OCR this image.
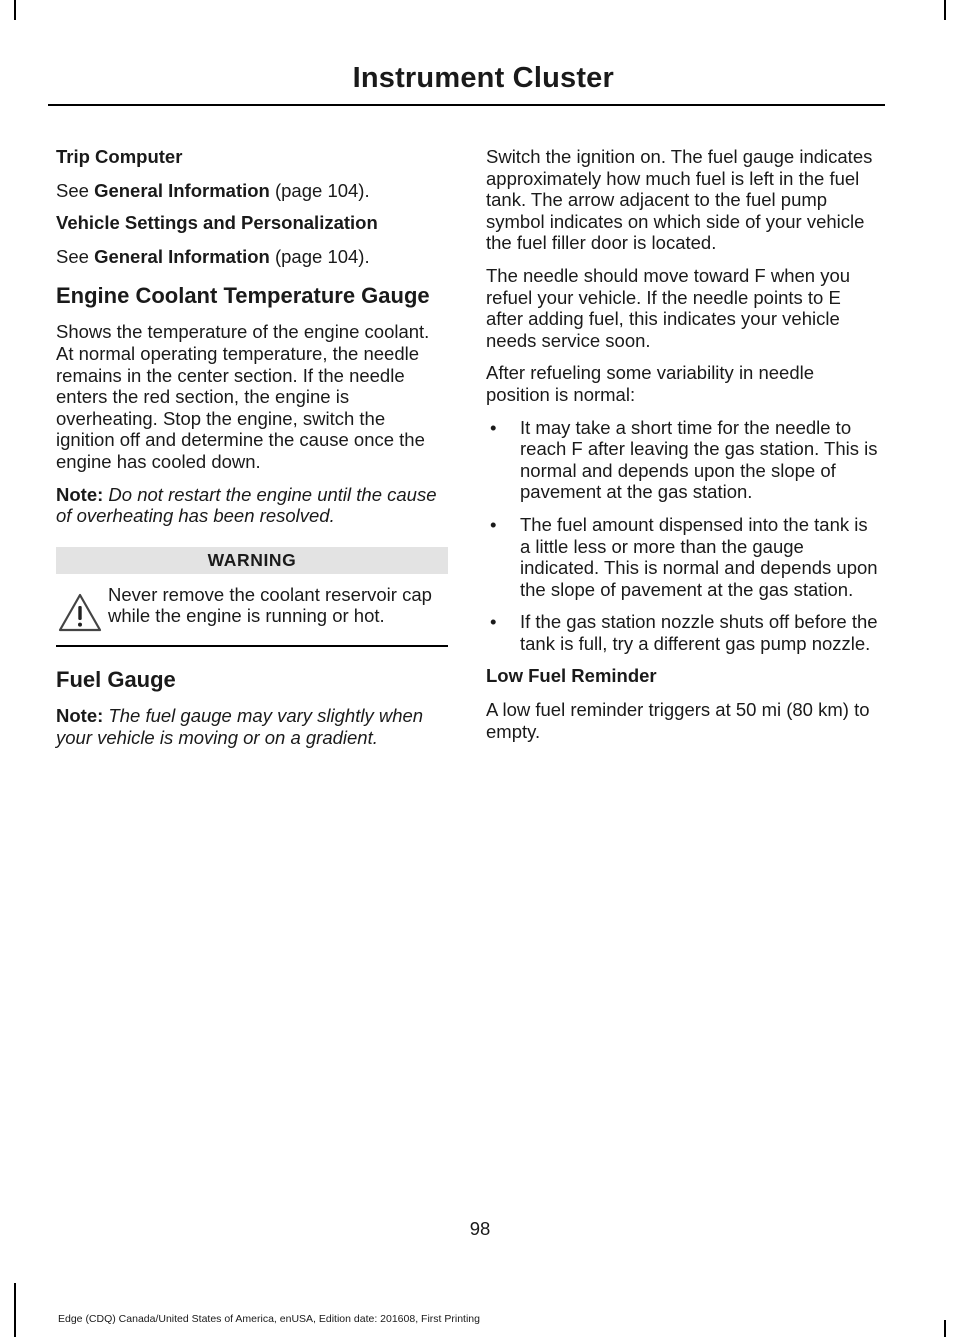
Instrument Cluster

Trip Computer

See General Information (page 104).

Vehicle Settings and Personalization

See General Information (page 104).

Engine Coolant Temperature Gauge

Shows the temperature of the engine coolant. At normal operating temperature, the needle remains in the center section. If the needle enters the red section, the engine is overheating. Stop the engine, switch the ignition off and determine the cause once the engine has cooled down.

Note: Do not restart the engine until the cause of overheating has been resolved.

WARNING

Never remove the coolant reservoir cap while the engine is running or hot.

Fuel Gauge

Note: The fuel gauge may vary slightly when your vehicle is moving or on a gradient.

Switch the ignition on. The fuel gauge indicates approximately how much fuel is left in the fuel tank. The arrow adjacent to the fuel pump symbol indicates on which side of your vehicle the fuel filler door is located.

The needle should move toward F when you refuel your vehicle. If the needle points to E after adding fuel, this indicates your vehicle needs service soon.

After refueling some variability in needle position is normal:

• It may take a short time for the needle to reach F after leaving the gas station. This is normal and depends upon the slope of pavement at the gas station.
• The fuel amount dispensed into the tank is a little less or more than the gauge indicated. This is normal and depends upon the slope of pavement at the gas station.
• If the gas station nozzle shuts off before the tank is full, try a different gas pump nozzle.

Low Fuel Reminder

A low fuel reminder triggers at 50 mi (80 km) to empty.

98
Edge (CDQ) Canada/United States of America, enUSA, Edition date: 201608, First Printing
